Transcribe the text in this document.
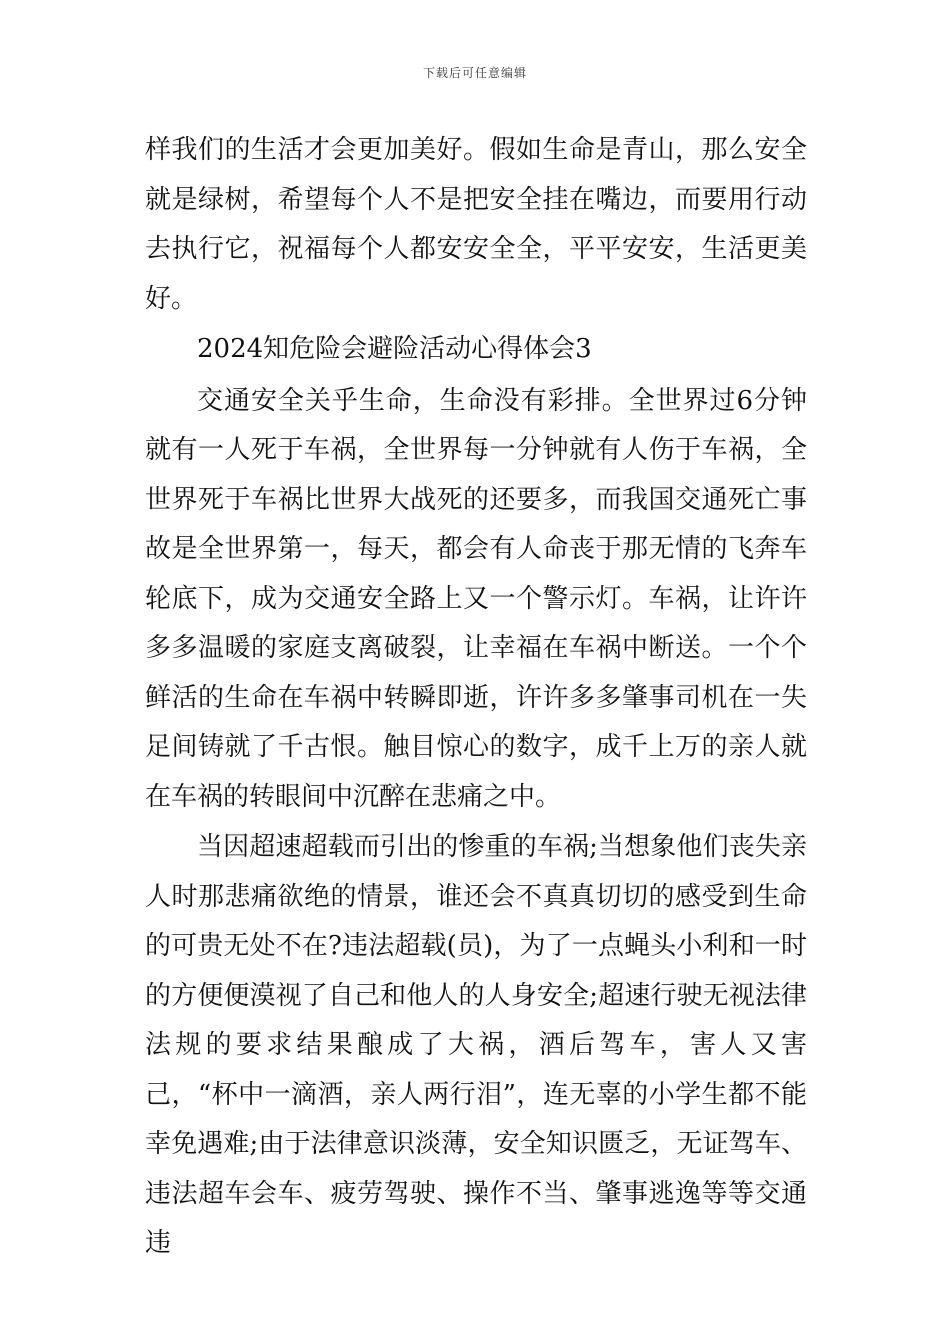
下载后可任意编辑

样我们的生活才会更加美好。假如生命是青山，那么安全就是绿树，希望每个人不是把安全挂在嘴边，而要用行动去执行它，祝福每个人都安安全全，平平安安，生活更美好。

2024知危险会避险活动心得体会3

交通安全关乎生命，生命没有彩排。全世界过6分钟就有一人死于车祸，全世界每一分钟就有人伤于车祸，全世界死于车祸比世界大战死的还要多，而我国交通死亡事故是全世界第一，每天，都会有人命丧于那无情的飞奔车轮底下，成为交通安全路上又一个警示灯。车祸，让许许多多温暖的家庭支离破裂，让幸福在车祸中断送。一个个鲜活的生命在车祸中转瞬即逝，许许多多肇事司机在一失足间铸就了千古恨。触目惊心的数字，成千上万的亲人就在车祸的转眼间中沉醉在悲痛之中。

当因超速超载而引出的惨重的车祸;当想象他们丧失亲人时那悲痛欲绝的情景，谁还会不真真切切的感受到生命的可贵无处不在?违法超载(员)，为了一点蝇头小利和一时的方便便漠视了自己和他人的人身安全;超速行驶无视法律法规的要求结果酿成了大祸，酒后驾车，害人又害己，“杯中一滴酒，亲人两行泪”，连无辜的小学生都不能幸免遇难;由于法律意识淡薄，安全知识匮乏，无证驾车、违法超车会车、疲劳驾驶、操作不当、肇事逃逸等等交通违
